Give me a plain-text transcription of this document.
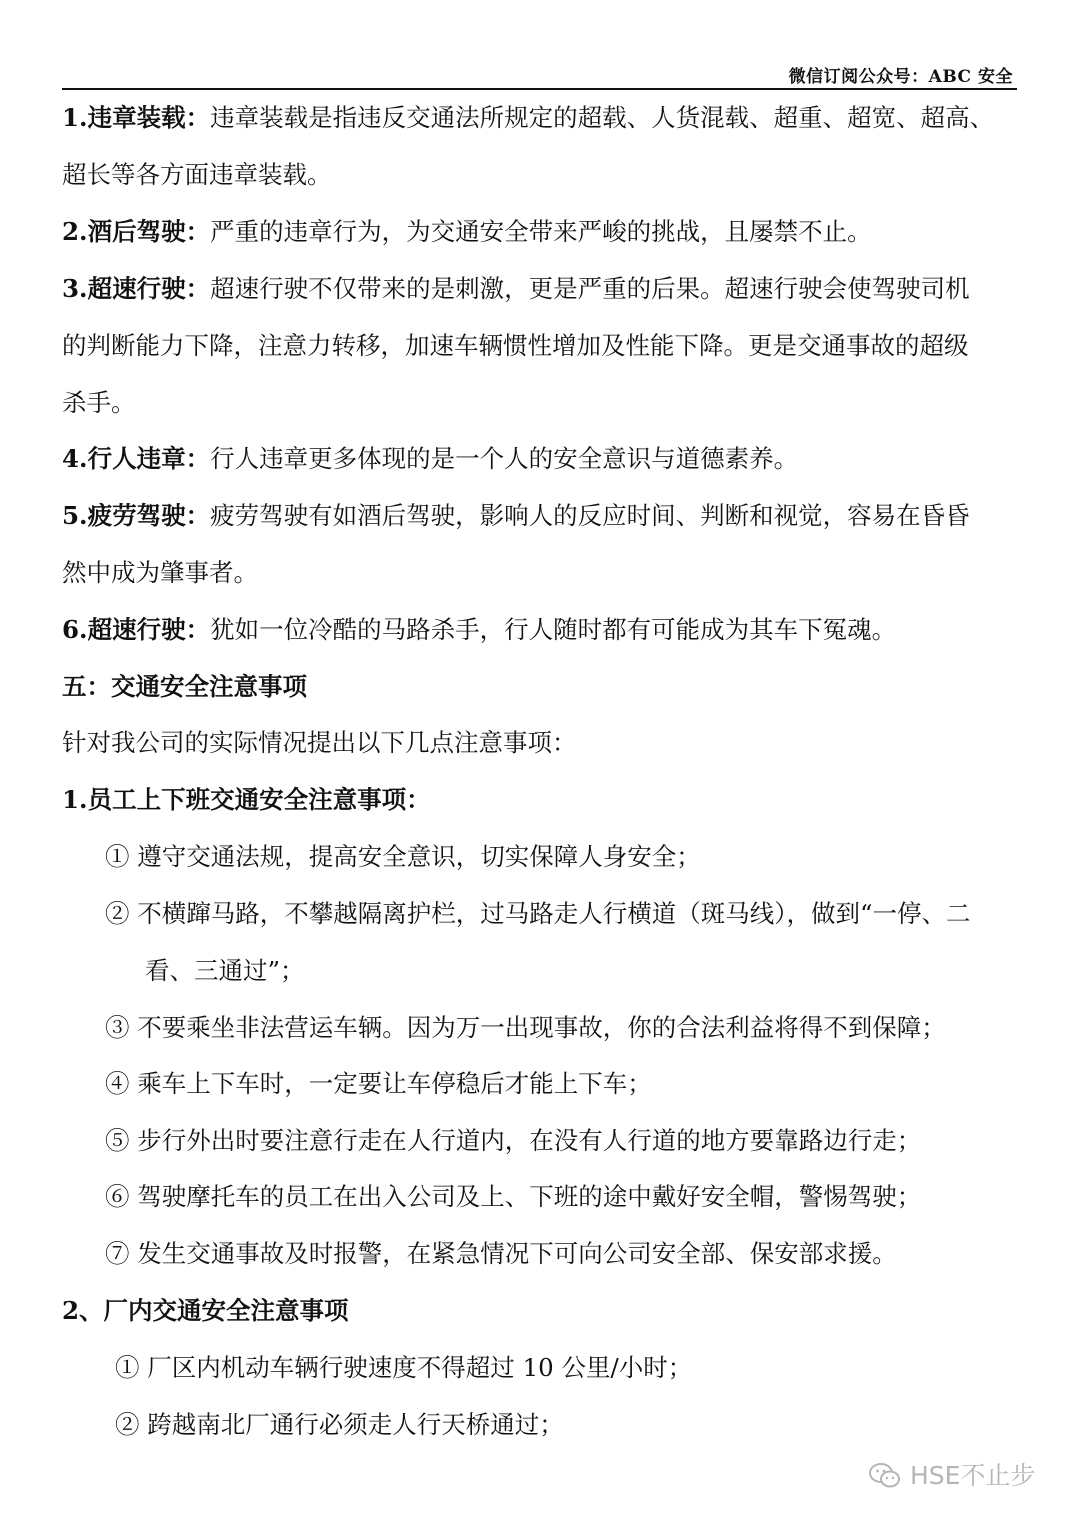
微信订阅公众号：ABC 安全
1.违章装载：违章装载是指违反交通法所规定的超载、人货混载、超重、超宽、超高、
超长等各方面违章装载。
2.酒后驾驶：严重的违章行为，为交通安全带来严峻的挑战，且屡禁不止。
3.超速行驶：超速行驶不仅带来的是刺激，更是严重的后果。超速行驶会使驾驶司机
的判断能力下降，注意力转移，加速车辆惯性增加及性能下降。更是交通事故的超级
杀手。
4.行人违章：行人违章更多体现的是一个人的安全意识与道德素养。
5.疲劳驾驶：疲劳驾驶有如酒后驾驶，影响人的反应时间、判断和视觉，容易在昏昏
然中成为肇事者。
6.超速行驶：犹如一位冷酷的马路杀手，行人随时都有可能成为其车下冤魂。
五：交通安全注意事项
针对我公司的实际情况提出以下几点注意事项：
1.员工上下班交通安全注意事项：
① 遵守交通法规，提高安全意识，切实保障人身安全；
② 不横蹿马路，不攀越隔离护栏，过马路走人行横道（斑马线），做到“一停、二
看、三通过”；
③ 不要乘坐非法营运车辆。因为万一出现事故，你的合法利益将得不到保障；
④ 乘车上下车时，一定要让车停稳后才能上下车；
⑤ 步行外出时要注意行走在人行道内，在没有人行道的地方要靠路边行走；
⑥ 驾驶摩托车的员工在出入公司及上、下班的途中戴好安全帽，警惕驾驶；
⑦ 发生交通事故及时报警，在紧急情况下可向公司安全部、保安部求援。
2、厂内交通安全注意事项
① 厂区内机动车辆行驶速度不得超过 10 公里/小时；
② 跨越南北厂通行必须走人行天桥通过；
HSE不止步
